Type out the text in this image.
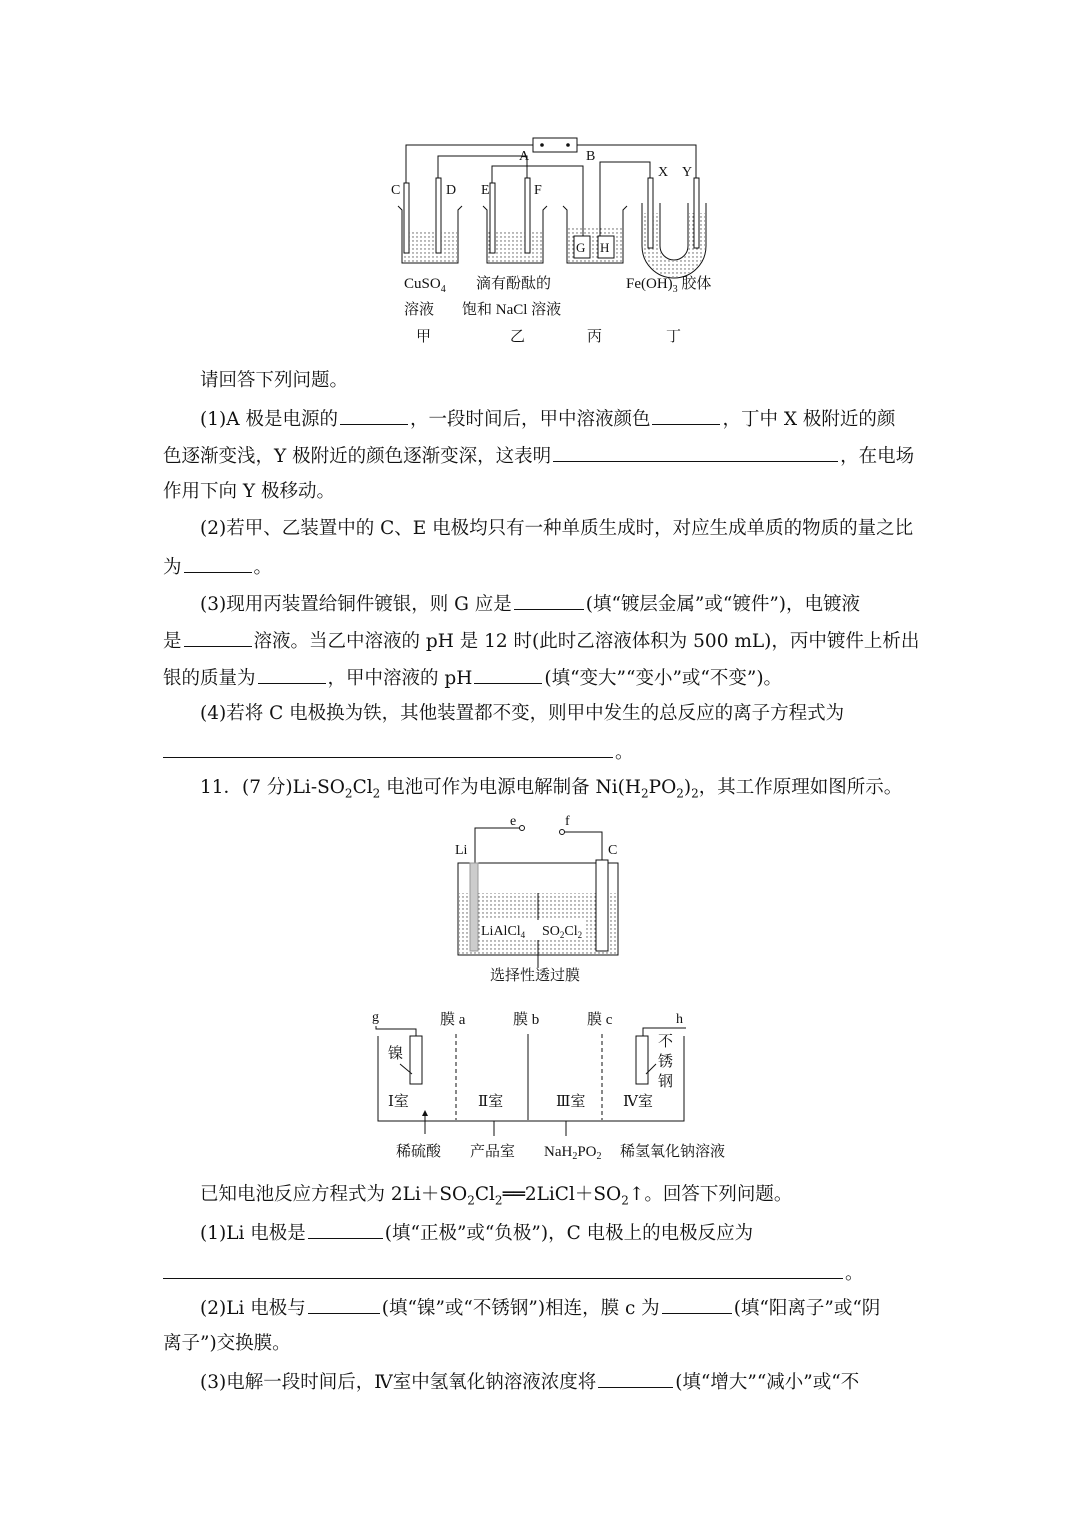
A	B
C	D E	F
G H
X Y
CuSO$_4$
溶液
滴有酚酞的
饱和 NaCl 溶液
$Fe(OH)_3$ 胶体
甲	乙	丙	丁
请回答下列问题。
(1)A 极是电源的	，一段时间后，甲中溶液颜色	，丁中 X 极附近的颜
色逐渐变浅，Y 极附近的颜色逐渐变深，这表明	，在电场
作用下向 Y 极移动。
(2)若甲、乙装置中的 C、E 电极均只有一种单质生成时，对应生成单质的物质的量之比
为	。
(3)现用丙装置给铜件镀银，则 G 应是	(填“镀层金属”或“镀件”)，电镀液
是	溶液。当乙中溶液的 pH 是 12 时(此时乙溶液体积为 500 mL)，丙中镀件上析出
银的质量为	，甲中溶液的 pH	(填“变大”“变小”或“不变”)。
(4)若将 C 电极换为铁，其他装置都不变，则甲中发生的总反应的离子方程式为
。
11．(7 分)$Li-SO_2Cl_2$ 电池可作为电源电解制备 $Ni(H_2PO_2)_2$，其工作原理如图所示。
e	f
Li	C
LiAlCl$_4$ $SO_2Cl_2$
选择性透过膜
g	h
膜 a	膜 b	膜 c
镍
不
锈
钢
Ⅰ室	Ⅱ室	Ⅲ室	Ⅳ室
稀硫酸 产品室 $NaH_2PO_2$ 稀氢氧化钠溶液
已知电池反应方程式为 $2Li+SO_2Cl_2══2LiCl+SO_2↑$。回答下列问题。
(1)Li 电极是	(填“正极”或“负极”)，C 电极上的电极反应为
。
(2)Li 电极与	(填“镍”或“不锈钢”)相连，膜 c 为	(填“阳离子”或“阴
离子”)交换膜。
(3)电解一段时间后，Ⅳ室中氢氧化钠溶液浓度将	(填“增大”“减小”或“不
